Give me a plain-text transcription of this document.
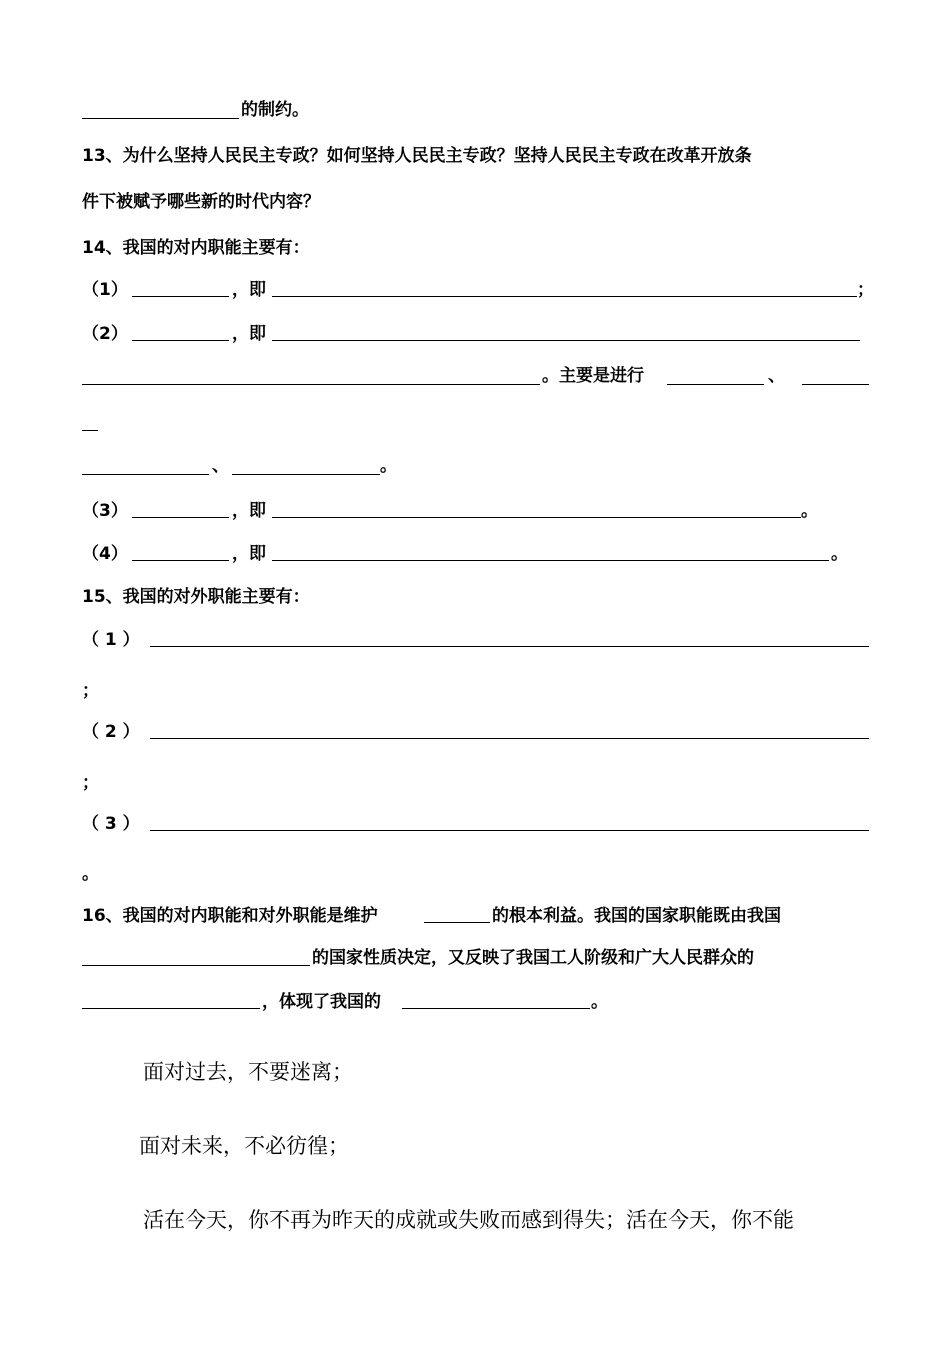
的制约。
13、为什么坚持人民民主专政？如何坚持人民民主专政？坚持人民民主专政在改革开放条
件下被赋予哪些新的时代内容？
14、我国的对内职能主要有：
（1）	，即	；
（2）	，即
。主要是进行	、
、	。
（3）	，即	。
（4）	，即	。
15、我国的对外职能主要有：
（ 1 ）
；
（ 2 ）
；
（ 3 ）
。
16、我国的对内职能和对外职能是维护	的根本利益。我国的国家职能既由我国
的国家性质决定，又反映了我国工人阶级和广大人民群众的
，体现了我国的	。
面对过去，不要迷离；
面对未来，不必彷徨；
活在今天，你不再为昨天的成就或失败而感到得失；活在今天，你不能
